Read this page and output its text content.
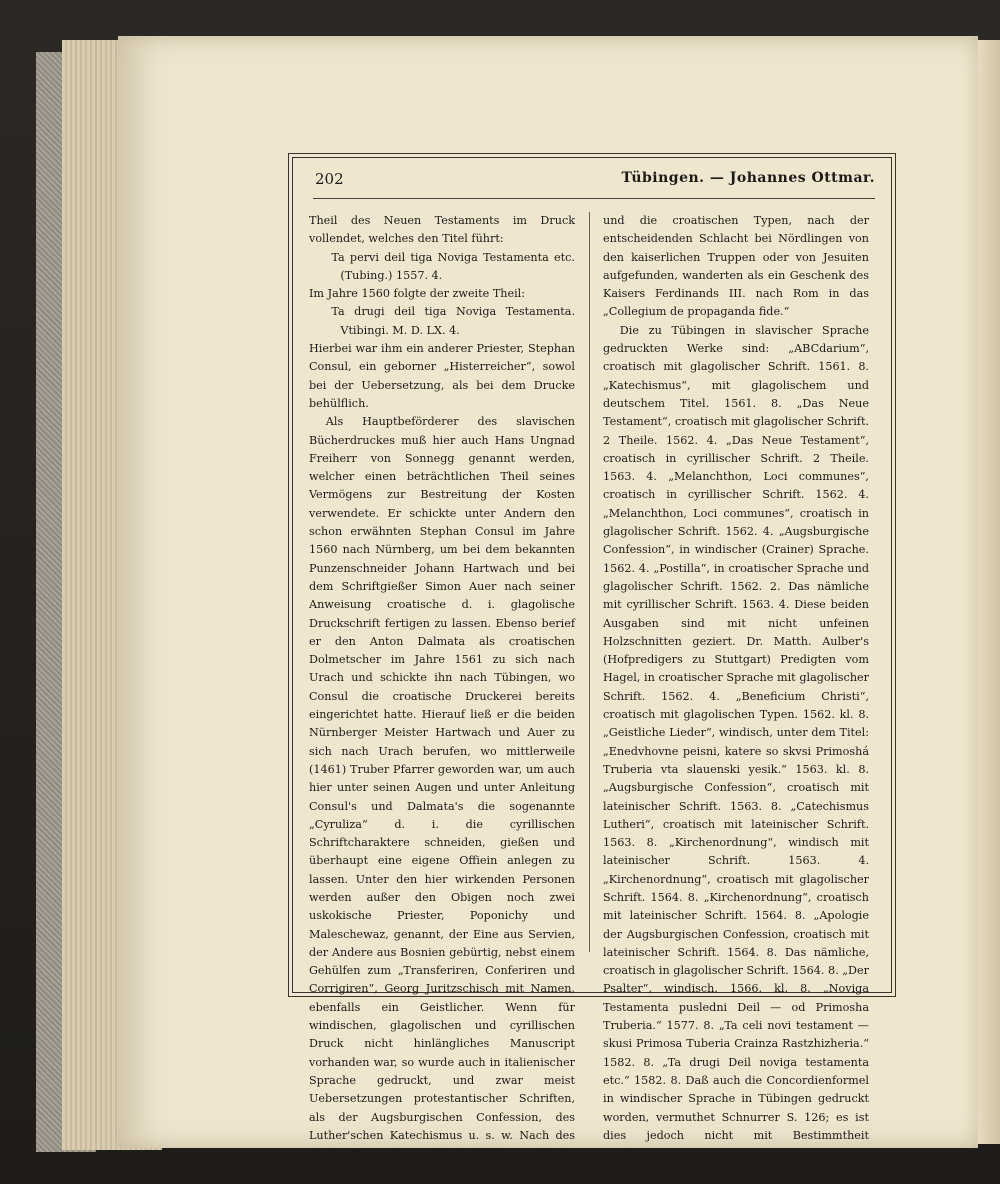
202	Tübingen. — Johannes Ottmar.

Theil des Neuen Testaments im Druck vollendet, welches den Titel führt:

Ta pervi deil tiga Noviga Testamenta etc. (Tubing.) 1557. 4.

Im Jahre 1560 folgte der zweite Theil:

Ta drugi deil tiga Noviga Testamenta. Vtibingi. M. D. LX. 4.

Hierbei war ihm ein anderer Priester, Stephan Consul, ein geborner „Histerreicher“, sowol bei der Uebersetzung, als bei dem Drucke behülflich.

Als Hauptbeförderer des slavischen Bücherdruckes muß hier auch Hans Ungnad Freiherr von Sonnegg genannt werden, welcher einen beträchtlichen Theil seines Vermögens zur Bestreitung der Kosten verwendete. Er schickte unter Andern den schon erwähnten Stephan Consul im Jahre 1560 nach Nürnberg, um bei dem bekannten Punzenschneider Johann Hartwach und bei dem Schriftgießer Simon Auer nach seiner Anweisung croatische d. i. glagolische Druckschrift fertigen zu lassen. Ebenso berief er den Anton Dalmata als croatischen Dolmetscher im Jahre 1561 zu sich nach Urach und schickte ihn nach Tübingen, wo Consul die croatische Druckerei bereits eingerichtet hatte. Hierauf ließ er die beiden Nürnberger Meister Hartwach und Auer zu sich nach Urach berufen, wo mittlerweile (1461) Truber Pfarrer geworden war, um auch hier unter seinen Augen und unter Anleitung Consul's und Dalmata's die sogenannte „Cyruliza“ d. i. die cyrillischen Schriftcharaktere schneiden, gießen und überhaupt eine eigene Offiein anlegen zu lassen. Unter den hier wirkenden Personen werden außer den Obigen noch zwei uskokische Priester, Poponichy und Maleschewaz, genannt, der Eine aus Servien, der Andere aus Bosnien gebürtig, nebst einem Gehülfen zum „Transferiren, Conferiren und Corrigiren“, Georg Juritzschisch mit Namen, ebenfalls ein Geistlicher. Wenn für windischen, glagolischen und cyrillischen Druck nicht hinlängliches Manuscript vorhanden war, so wurde auch in italienischer Sprache gedruckt, und zwar meist Uebersetzungen protestantischer Schriften, als der Augsburgischen Confession, des Luther'schen Katechismus u. s. w. Nach des Freiherrn von Ungnad Tode (1564) gerieth die Urach'sche Druckerei ins Stocken

und die croatischen Typen, nach der entscheidenden Schlacht bei Nördlingen von den kaiserlichen Truppen oder von Jesuiten aufgefunden, wanderten als ein Geschenk des Kaisers Ferdinands III. nach Rom in das „Collegium de propaganda fide.“

Die zu Tübingen in slavischer Sprache gedruckten Werke sind: „ABCdarium“, croatisch mit glagolischer Schrift. 1561. 8. „Katechismus“, mit glagolischem und deutschem Titel. 1561. 8. „Das Neue Testament“, croatisch mit glagolischer Schrift. 2 Theile. 1562. 4. „Das Neue Testament“, croatisch in cyrillischer Schrift. 2 Theile. 1563. 4. „Melanchthon, Loci communes“, croatisch in cyrillischer Schrift. 1562. 4. „Melanchthon, Loci communes“, croatisch in glagolischer Schrift. 1562. 4. „Augsburgische Confession“, in windischer (Crainer) Sprache. 1562. 4. „Postilla“, in croatischer Sprache und glagolischer Schrift. 1562. 2. Das nämliche mit cyrillischer Schrift. 1563. 4. Diese beiden Ausgaben sind mit nicht unfeinen Holzschnitten geziert. Dr. Matth. Aulber's (Hofpredigers zu Stuttgart) Predigten vom Hagel, in croatischer Sprache mit glagolischer Schrift. 1562. 4. „Beneficium Christi“, croatisch mit glagolischen Typen. 1562. kl. 8. „Geistliche Lieder“, windisch, unter dem Titel: „Enedvhovne peisni, katere so skvsi Primoshá Truberia vta slauenski yesik.“ 1563. kl. 8. „Augsburgische Confession“, croatisch mit lateinischer Schrift. 1563. 8. „Catechismus Lutheri“, croatisch mit lateinischer Schrift. 1563. 8. „Kirchenordnung“, windisch mit lateinischer Schrift. 1563. 4. „Kirchenordnung“, croatisch mit glagolischer Schrift. 1564. 8. „Kirchenordnung“, croatisch mit lateinischer Schrift. 1564. 8. „Apologie der Augsburgischen Confession, croatisch mit lateinischer Schrift. 1564. 8. Das nämliche, croatisch in glagolischer Schrift. 1564. 8. „Der Psalter“, windisch. 1566. kl. 8. „Noviga Testamenta pusledni Deil — od Primosha Truberia.“ 1577. 8. „Ta celi novi testament — skusi Primosa Tuberia Crainza Rastzhizheria.“ 1582. 8. „Ta drugi Deil noviga testamenta etc.“ 1582. 8. Daß auch die Concordienformel in windischer Sprache in Tübingen gedruckt worden, vermuthet Schnurrer S. 126; es ist dies jedoch nicht mit Bestimmtheit nachzuweisen,
